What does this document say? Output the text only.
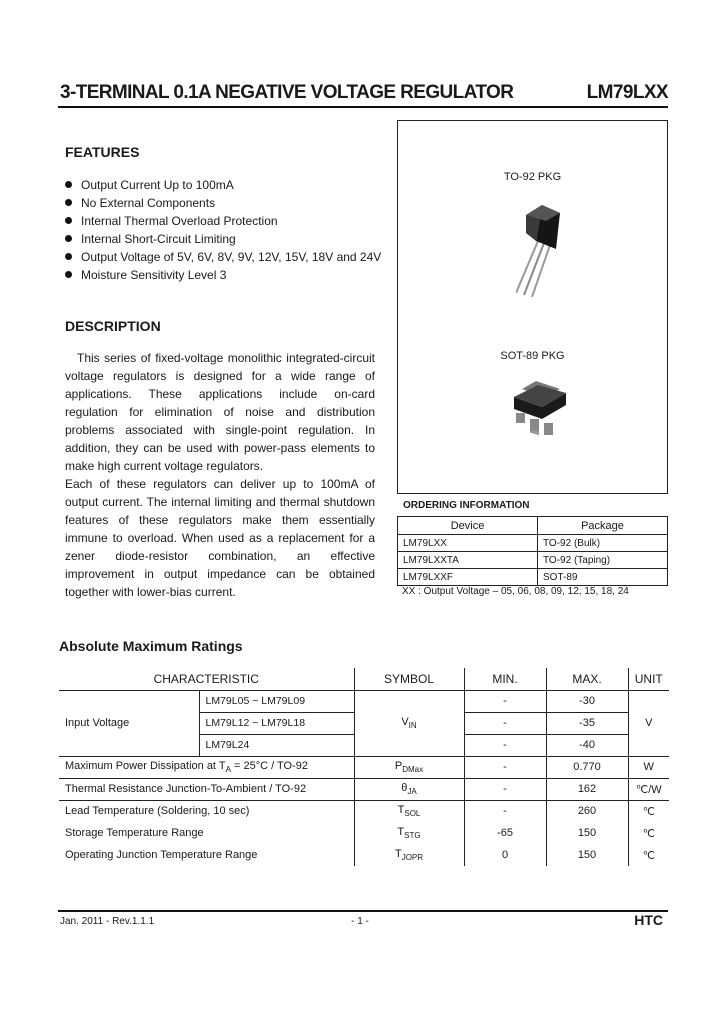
3-TERMINAL 0.1A NEGATIVE VOLTAGE REGULATOR	LM79LXX
FEATURES
Output Current Up to 100mA
No External Components
Internal Thermal Overload Protection
Internal Short-Circuit Limiting
Output Voltage of 5V, 6V, 8V, 9V, 12V, 15V, 18V and 24V
Moisture Sensitivity Level 3
DESCRIPTION

This series of fixed-voltage monolithic integrated-circuit voltage regulators is designed for a wide range of applications. These applications include on-card regulation for elimination of noise and distribution problems associated with single-point regulation. In addition, they can be used with power-pass elements to make high current voltage regulators.

Each of these regulators can deliver up to 100mA of output current. The internal limiting and thermal shutdown features of these regulators make them essentially immune to overload. When used as a replacement for a zener diode-resistor combination, an effective improvement in output impedance can be obtained together with lower-bias current.

TO-92 PKG
SOT-89 PKG
ORDERING INFORMATION
Device	Package
LM79LXX	TO-92 (Bulk)
LM79LXXTA	TO-92 (Taping)
LM79LXXF	SOT-89
XX : Output Voltage – 05, 06, 08, 09, 12, 15, 18, 24
Absolute Maximum Ratings
CHARACTERISTIC		SYMBOL	MIN.	MAX.	UNIT
Input Voltage	LM79L05 ~ LM79L09	$V_{IN}$	-	-30	V
	LM79L12 ~ LM79L18		-	-35	
	LM79L24		-	-40	
Maximum Power Dissipation at $T_A = 25^\circ C / TO-92$		$P_{DMax}$	-	0.770	W
Thermal Resistance Junction-To-Ambient / TO-92		$\theta_{JA}$	-	162	℃/W
Lead Temperature (Soldering, 10 sec)		$T_{SOL}$	-	260	℃
Storage Temperature Range		$T_{STG}$	-65	150	℃
Operating Junction Temperature Range		$T_{JOPR}$	0	150	℃
Jan. 2011 - Rev.1.1.1	- 1 -	HTC
